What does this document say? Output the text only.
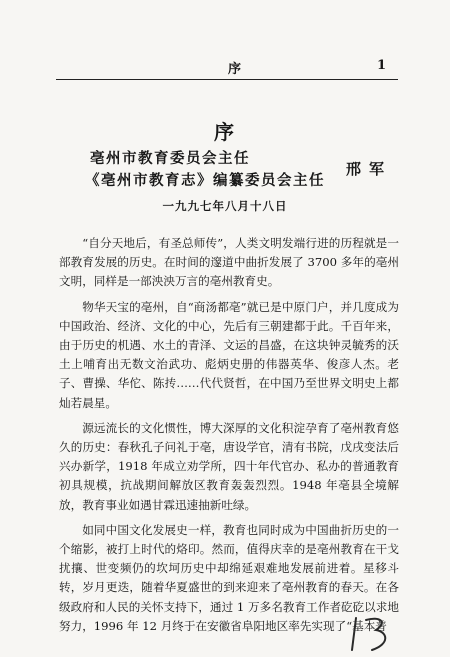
序	1
序
亳州市教育委员会主任
《亳州市教育志》编纂委员会主任
邢军
一九九七年八月十八日

“自分天地后，有圣总师传”，人类文明发端行进的历程就是一部教育发展的历史。在时间的邃道中曲折发展了 3700 多年的亳州文明，同样是一部泱泱万言的亳州教育史。

物华天宝的亳州，自“商汤都亳”就已是中原门户，并几度成为中国政治、经济、文化的中心，先后有三朝建都于此。千百年来，由于历史的机遇、水土的青泽、文运的昌盛，在这块钟灵毓秀的沃土上哺育出无数文治武功、彪炳史册的伟器英华、俊彦人杰。老子、曹操、华佗、陈抟……代代贤哲，在中国乃至世界文明史上都灿若晨星。

源远流长的文化惯性，博大深厚的文化积淀孕育了亳州教育悠久的历史：春秋孔子问礼于亳，唐设学官，清有书院，戊戌变法后兴办新学，1918 年成立劝学所，四十年代官办、私办的普通教育初具规模，抗战期间解放区教育轰轰烈烈。1948 年亳县全境解放，教育事业如遇甘霖迅速抽新吐绿。

如同中国文化发展史一样，教育也同时成为中国曲折历史的一个缩影，被打上时代的烙印。然而，值得庆幸的是亳州教育在干戈扰攘、世变频仍的坎坷历史中却绵延艰难地发展前进着。星移斗转，岁月更迭，随着华夏盛世的到来迎来了亳州教育的春天。在各级政府和人民的关怀支持下，通过 1 万多名教育工作者矻矻以求地努力，1996 年 12 月终于在安徽省阜阳地区率先实现了“基本普
